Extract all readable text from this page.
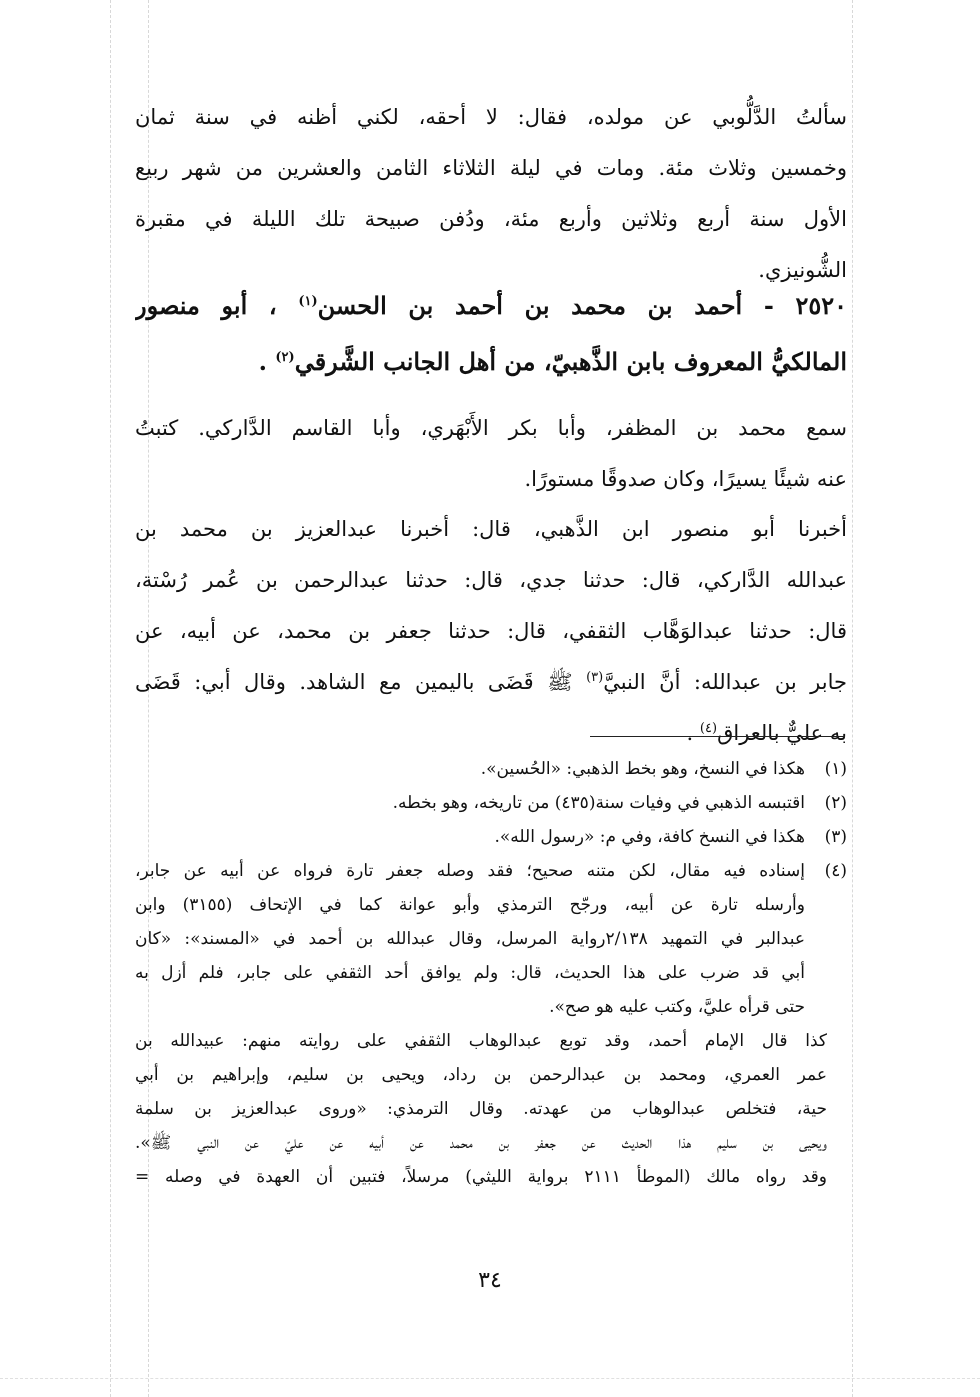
سألتُ الدَّلُّوبي عن مولده، فقال: لا أحقه، لكني أظنه في سنة ثمان
وخمسين وثلاث مئة. ومات في ليلة الثلاثاء الثامن والعشرين من شهر ربيع
الأول سنة أربع وثلاثين وأربع مئة، ودُفن صبيحة تلك الليلة في مقبرة
الشُّونيزي.
٢٥٢٠ - أحمد بن محمد بن أحمد بن الحسن$^{(١)}$ ، أبو منصور
المالكيُّ المعروف بابن الذَّهبيّ، من أهل الجانب الشَّرقي$^{(٢)}$ .
سمع محمد بن المظفر، وأبا بكر الأَبْهَري، وأبا القاسم الدَّاركي. كتبتُ
عنه شيئًا يسيرًا، وكان صدوقًا مستورًا.
أخبرنا أبو منصور ابن الذَّهبي، قال: أخبرنا عبدالعزيز بن محمد بن
عبدالله الدَّاركي، قال: حدثنا جدي، قال: حدثنا عبدالرحمن بن عُمر رُسْتة،
قال: حدثنا عبدالوَهَّاب الثقفي، قال: حدثنا جعفر بن محمد، عن أبيه، عن
جابر بن عبدالله: أنَّ النبيَّ$^{(٣)}$ ﷺ قَضَى باليمين مع الشاهد. وقال أبي: قَضَى
به عليٌّ بالعراق$^{(٤)}$ .
(١)
هكذا في النسخ، وهو بخط الذهبي: «الحُسين».
(٢)
اقتبسه الذهبي في وفيات سنة(٤٣٥) من تاريخه، وهو بخطه.
(٣)
هكذا في النسخ كافة، وفي م: «رسول الله».
(٤)
إسناده فيه مقال، لكن متنه صحيح؛ فقد وصله جعفر تارة فرواه عن أبيه عن جابر،
وأرسله تارة عن أبيه، ورجّح الترمذي وأبو عوانة كما في الإتحاف (٣١٥٥) وابن
عبدالبر في التمهيد ٢/١٣٨رواية المرسل، وقال عبدالله بن أحمد في «المسند»: «كان
أبي قد ضرب على هذا الحديث، قال: ولم يوافق أحد الثقفي على جابر، فلم أزل به
حتى قرأه عليَّ، وكتب عليه هو صح».
كذا قال الإمام أحمد، وقد توبع عبدالوهاب الثقفي على روايته منهم: عبيدالله بن
عمر العمري، ومحمد بن عبدالرحمن بن رداد، ويحيى بن سليم، وإبراهيم بن أبي
حية، فتخلص عبدالوهاب من عهدته. وقال الترمذي: «وروى عبدالعزيز بن سلمة
ويحيى بن سليم هذا الحديث عن جعفر بن محمد عن أبيه عن عليّ عن النبي ﷺ».
وقد رواه مالك (الموطأ ٢١١١ برواية الليثي) مرسلاً، فتبين أن العهدة في وصله =
٣٤
